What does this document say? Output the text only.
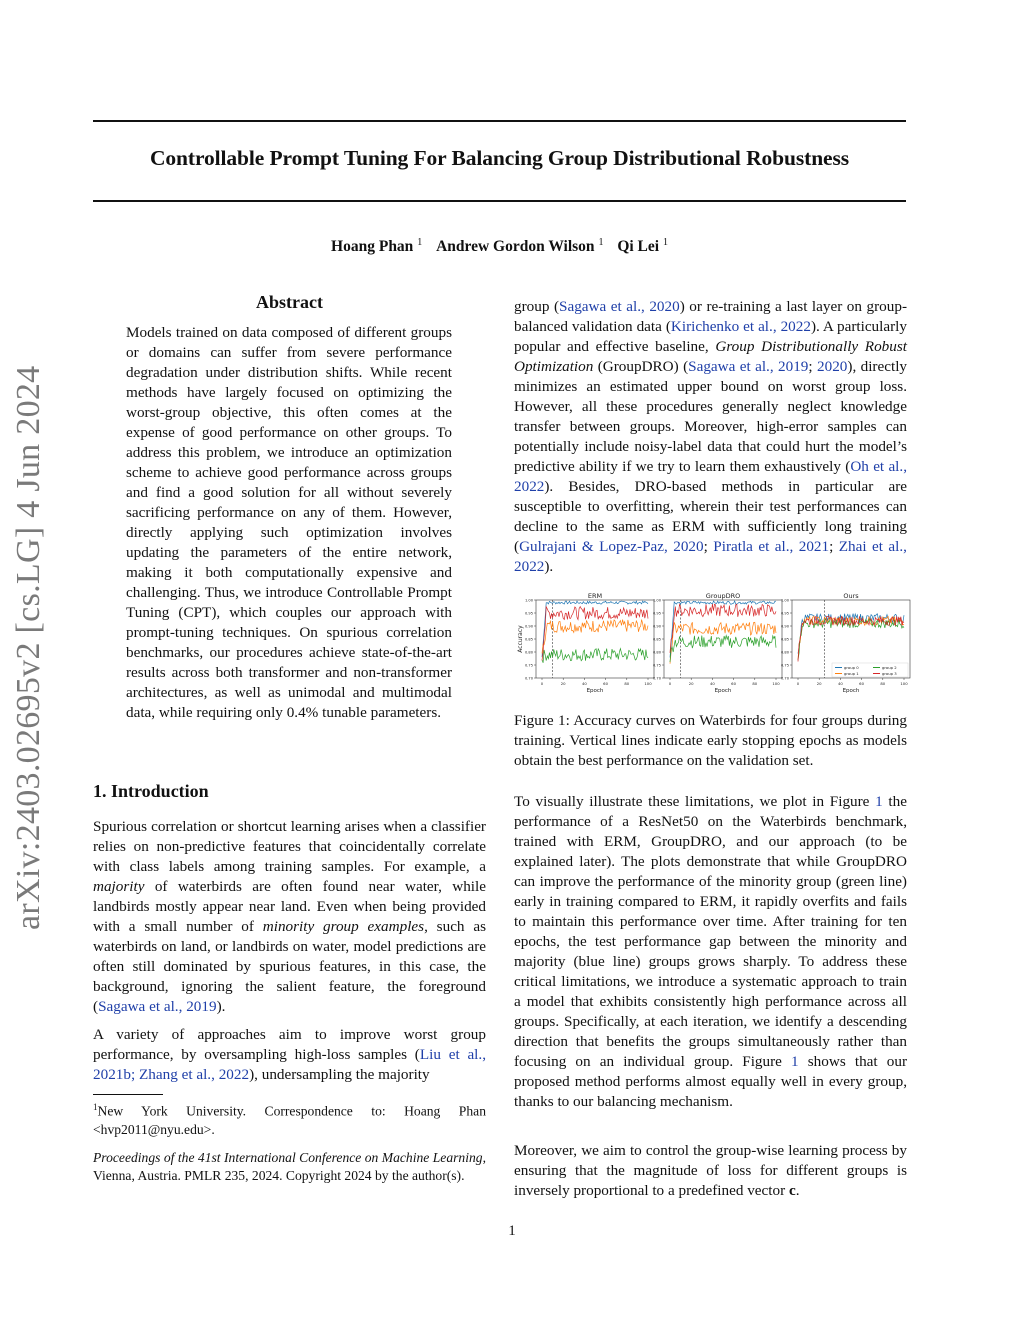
Controllable Prompt Tuning For Balancing Group Distributional Robustness
Hoang Phan $^1$ Andrew Gordon Wilson $^1$ Qi Lei $^1$
arXiv:2403.02695v2 [cs.LG] 4 Jun 2024
Abstract
Models trained on data composed of different groups or domains can suffer from severe performance degradation under distribution shifts. While recent methods have largely focused on optimizing the worst-group objective, this often comes at the expense of good performance on other groups. To address this problem, we introduce an optimization scheme to achieve good performance across groups and find a good solution for all without severely sacrificing performance on any of them. However, directly applying such optimization involves updating the parameters of the entire network, making it both computationally expensive and challenging. Thus, we introduce Controllable Prompt Tuning (CPT), which couples our approach with prompt-tuning techniques. On spurious correlation benchmarks, our procedures achieve state-of-the-art results across both transformer and non-transformer architectures, as well as unimodal and multimodal data, while requiring only 0.4% tunable parameters.
1. Introduction

Spurious correlation or shortcut learning arises when a classifier relies on non-predictive features that coincidentally correlate with class labels among training samples. For example, a majority of waterbirds are often found near water, while landbirds mostly appear near land. Even when being provided with a small number of minority group examples, such as waterbirds on land, or landbirds on water, model predictions are often still dominated by spurious features, in this case, the background, ignoring the salient feature, the foreground (Sagawa et al., 2019).

A variety of approaches aim to improve worst group performance, by oversampling high-loss samples (Liu et al., 2021b; Zhang et al., 2022), undersampling the majority

$^1$New York University. Correspondence to: Hoang Phan <hvp2011@nyu.edu>.
Proceedings of the 41st International Conference on Machine Learning, Vienna, Austria. PMLR 235, 2024. Copyright 2024 by the author(s).

group (Sagawa et al., 2020) or re-training a last layer on group-balanced validation data (Kirichenko et al., 2022). A particularly popular and effective baseline, Group Distributionally Robust Optimization (GroupDRO) (Sagawa et al., 2019; 2020), directly minimizes an estimated upper bound on worst group loss. However, all these procedures generally neglect knowledge transfer between groups. Moreover, high-error samples can potentially include noisy-label data that could hurt the model’s predictive ability if we try to learn them exhaustively (Oh et al., 2022). Besides, DRO-based methods in particular are susceptible to overfitting, wherein their test performances can decline to the same as ERM with sufficiently long training (Gulrajani & Lopez-Paz, 2020; Piratla et al., 2021; Zhai et al., 2022).

Accuracy
ERM
1.00
0.95
0.90
0.85
0.80
0.75
0.70
0	20	40	60	80	100
Epoch
GroupDRO
1.00
0.95
0.90
0.85
0.80
0.75
0.70
0	20	40	60	80	100
Epoch
Ours
1.00
0.95
0.90
0.85
0.80
0.75
0.70
0	20	40	60	80	100
Epoch
group 0
group 1
group 2
group 3
Figure 1: Accuracy curves on Waterbirds for four groups during training. Vertical lines indicate early stopping epochs as models obtain the best performance on the validation set.

To visually illustrate these limitations, we plot in Figure 1 the performance of a ResNet50 on the Waterbirds benchmark, trained with ERM, GroupDRO, and our approach (to be explained later). The plots demonstrate that while GroupDRO can improve the performance of the minority group (green line) early in training compared to ERM, it rapidly overfits and fails to maintain this performance over time. After training for ten epochs, the test performance gap between the minority and majority (blue line) groups grows sharply. To address these critical limitations, we introduce a systematic approach to train a model that exhibits consistently high performance across all groups. Specifically, at each iteration, we identify a descending direction that benefits the groups simultaneously rather than focusing on an individual group. Figure 1 shows that our proposed method performs almost equally well in every group, thanks to our balancing mechanism.

Moreover, we aim to control the group-wise learning process by ensuring that the magnitude of loss for different groups is inversely proportional to a predefined vector c.

1
